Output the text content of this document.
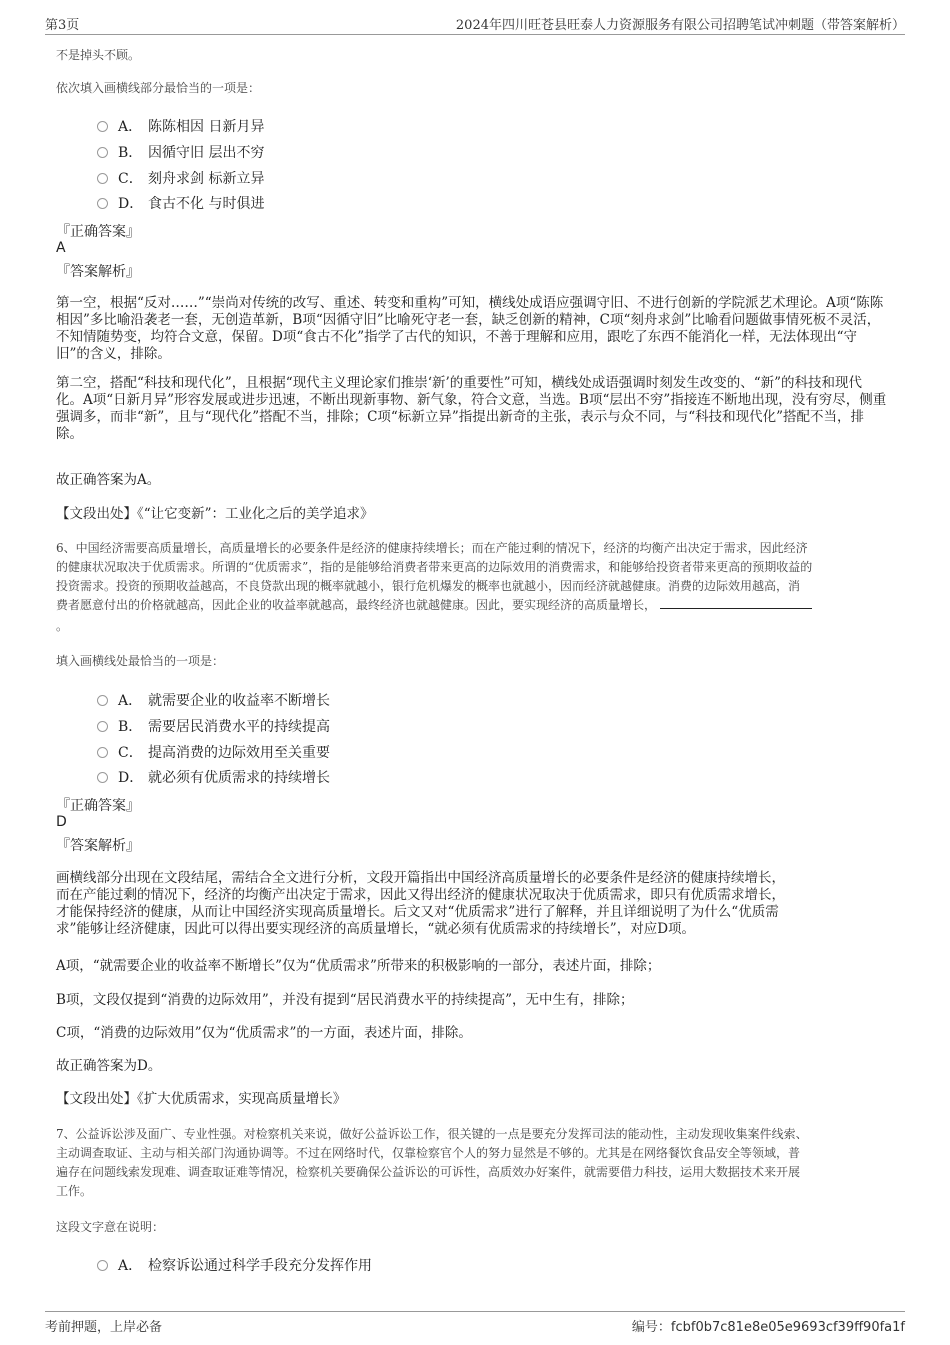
第3页	2024年四川旺苍县旺泰人力资源服务有限公司招聘笔试冲刺题（带答案解析）
不是掉头不顾。
依次填入画横线部分最恰当的一项是：
A． 陈陈相因 日新月异
B． 因循守旧 层出不穷
C． 刻舟求剑 标新立异
D． 食古不化 与时俱进
『正确答案』
A
『答案解析』
第一空，根据“反对……”“崇尚对传统的改写、重述、转变和重构”可知，横线处成语应强调守旧、不进行创新的学院派艺术理论。A项“陈陈相因”多比喻沿袭老一套，无创造革新，B项“因循守旧”比喻死守老一套，缺乏创新的精神，C项“刻舟求剑”比喻看问题做事情死板不灵活，不知情随势变，均符合文意，保留。D项“食古不化”指学了古代的知识，不善于理解和应用，跟吃了东西不能消化一样，无法体现出“守旧”的含义，排除。
第二空，搭配“科技和现代化”，且根据“现代主义理论家们推崇‘新’的重要性”可知，横线处成语强调时刻发生改变的、“新”的科技和现代化。A项“日新月异”形容发展或进步迅速，不断出现新事物、新气象，符合文意，当选。B项“层出不穷”指接连不断地出现，没有穷尽，侧重强调多，而非“新”，且与“现代化”搭配不当，排除；C项“标新立异”指提出新奇的主张，表示与众不同，与“科技和现代化”搭配不当，排除。
故正确答案为A。
【文段出处】《“让它变新”：工业化之后的美学追求》
6、中国经济需要高质量增长，高质量增长的必要条件是经济的健康持续增长；而在产能过剩的情况下，经济的均衡产出决定于需求，因此经济
的健康状况取决于优质需求。所谓的“优质需求”，指的是能够给消费者带来更高的边际效用的消费需求，和能够给投资者带来更高的预期收益的
投资需求。投资的预期收益越高，不良贷款出现的概率就越小，银行危机爆发的概率也就越小，因而经济就越健康。消费的边际效用越高，消
费者愿意付出的价格就越高，因此企业的收益率就越高，最终经济也就越健康。因此，要实现经济的高质量增长，
。
填入画横线处最恰当的一项是：
A． 就需要企业的收益率不断增长
B． 需要居民消费水平的持续提高
C． 提高消费的边际效用至关重要
D． 就必须有优质需求的持续增长
『正确答案』
D
『答案解析』
画横线部分出现在文段结尾，需结合全文进行分析，文段开篇指出中国经济高质量增长的必要条件是经济的健康持续增长，
而在产能过剩的情况下，经济的均衡产出决定于需求，因此又得出经济的健康状况取决于优质需求，即只有优质需求增长，
才能保持经济的健康，从而让中国经济实现高质量增长。后文又对“优质需求”进行了解释，并且详细说明了为什么“优质需
求”能够让经济健康，因此可以得出要实现经济的高质量增长，“就必须有优质需求的持续增长”，对应D项。
A项，“就需要企业的收益率不断增长”仅为“优质需求”所带来的积极影响的一部分，表述片面，排除；
B项，文段仅提到“消费的边际效用”，并没有提到“居民消费水平的持续提高”，无中生有，排除；
C项，“消费的边际效用”仅为“优质需求”的一方面，表述片面，排除。
故正确答案为D。
【文段出处】《扩大优质需求，实现高质量增长》
7、公益诉讼涉及面广、专业性强。对检察机关来说，做好公益诉讼工作，很关键的一点是要充分发挥司法的能动性，主动发现收集案件线索、
主动调查取证、主动与相关部门沟通协调等。不过在网络时代，仅靠检察官个人的努力显然是不够的。尤其是在网络餐饮食品安全等领域，普
遍存在问题线索发现难、调查取证难等情况，检察机关要确保公益诉讼的可诉性，高质效办好案件，就需要借力科技，运用大数据技术来开展
工作。
这段文字意在说明：
A． 检察诉讼通过科学手段充分发挥作用
考前押题，上岸必备	编号：fcbf0b7c81e8e05e9693cf39ff90fa1f
